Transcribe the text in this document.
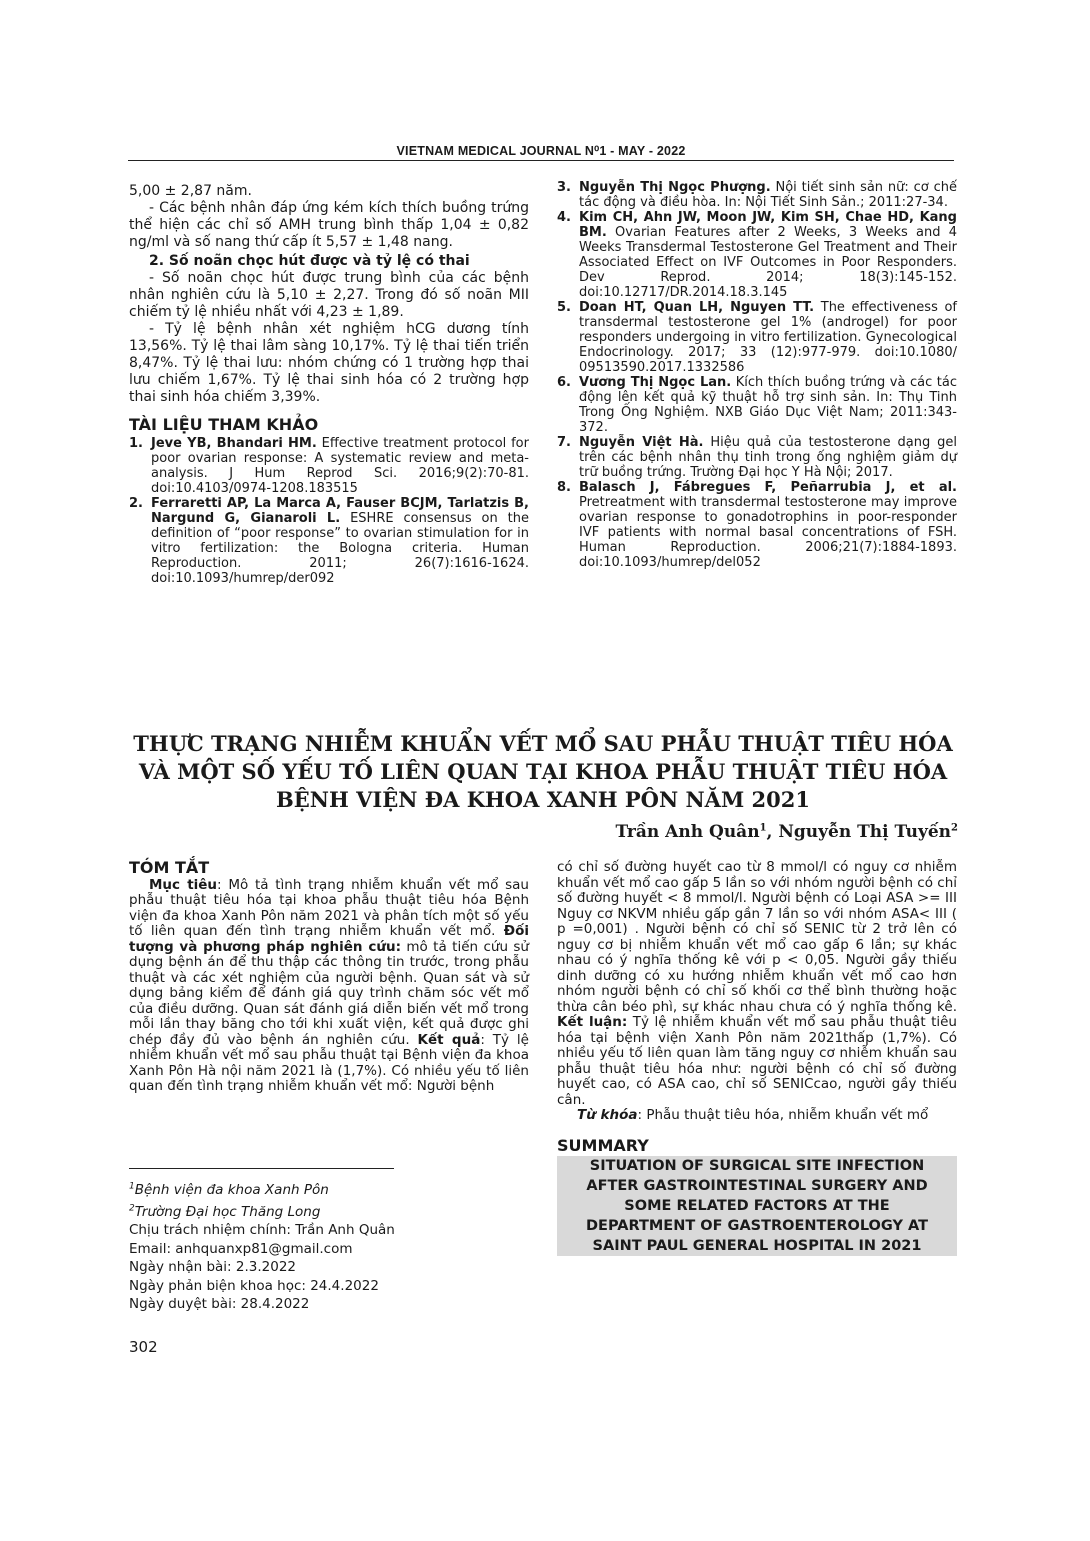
VIETNAM MEDICAL JOURNAL N⁰1 - MAY - 2022

5,00 ± 2,87 năm.

- Các bệnh nhân đáp ứng kém kích thích buồng trứng thể hiện các chỉ số AMH trung bình thấp 1,04 ± 0,82 ng/ml và số nang thứ cấp ít 5,57 ± 1,48 nang.

2. Số noãn chọc hút được và tỷ lệ có thai

- Số noãn chọc hút được trung bình của các bệnh nhân nghiên cứu là 5,10 ± 2,27. Trong đó số noãn MII chiếm tỷ lệ nhiều nhất với 4,23 ± 1,89.

- Tỷ lệ bệnh nhân xét nghiệm hCG dương tính 13,56%. Tỷ lệ thai lâm sàng 10,17%. Tỷ lệ thai tiến triển 8,47%. Tỷ lệ thai lưu: nhóm chứng có 1 trường hợp thai lưu chiếm 1,67%. Tỷ lệ thai sinh hóa có 2 trường hợp thai sinh hóa chiếm 3,39%.

TÀI LIỆU THAM KHẢO
1. Jeve YB, Bhandari HM. Effective treatment protocol for poor ovarian response: A systematic review and meta-analysis. J Hum Reprod Sci. 2016;9(2):70-81. doi:10.4103/0974-1208.183515
2. Ferraretti AP, La Marca A, Fauser BCJM, Tarlatzis B, Nargund G, Gianaroli L. ESHRE consensus on the definition of “poor response” to ovarian stimulation for in vitro fertilization: the Bologna criteria. Human Reproduction. 2011; 26(7):1616-1624. doi:10.1093/humrep/der092
3. Nguyễn Thị Ngọc Phượng. Nội tiết sinh sản nữ: cơ chế tác động và điều hòa. In: Nội Tiết Sinh Sản.; 2011:27-34.
4. Kim CH, Ahn JW, Moon JW, Kim SH, Chae HD, Kang BM. Ovarian Features after 2 Weeks, 3 Weeks and 4 Weeks Transdermal Testosterone Gel Treatment and Their Associated Effect on IVF Outcomes in Poor Responders. Dev Reprod. 2014; 18(3):145-152. doi:10.12717/DR.2014.18.3.145
5. Doan HT, Quan LH, Nguyen TT. The effectiveness of transdermal testosterone gel 1% (androgel) for poor responders undergoing in vitro fertilization. Gynecological Endocrinology. 2017; 33 (12):977-979. doi:10.1080/ 09513590.2017.1332586
6. Vương Thị Ngọc Lan. Kích thích buồng trứng và các tác động lên kết quả kỹ thuật hỗ trợ sinh sản. In: Thụ Tinh Trong Ống Nghiệm. NXB Giáo Dục Việt Nam; 2011:343-372.
7. Nguyễn Việt Hà. Hiệu quả của testosterone dạng gel trên các bệnh nhân thụ tinh trong ống nghiệm giảm dự trữ buồng trứng. Trường Đại học Y Hà Nội; 2017.
8. Balasch J, Fábregues F, Peñarrubia J, et al. Pretreatment with transdermal testosterone may improve ovarian response to gonadotrophins in poor-responder IVF patients with normal basal concentrations of FSH. Human Reproduction. 2006;21(7):1884-1893. doi:10.1093/humrep/del052
THỰC TRẠNG NHIỄM KHUẨN VẾT MỔ SAU PHẪU THUẬT TIÊU HÓA
VÀ MỘT SỐ YẾU TỐ LIÊN QUAN TẠI KHOA PHẪU THUẬT TIÊU HÓA
BỆNH VIỆN ĐA KHOA XANH PÔN NĂM 2021
Trần Anh Quân$^1$, Nguyễn Thị Tuyến$^2$
TÓM TẮT

Mục tiêu: Mô tả tình trạng nhiễm khuẩn vết mổ sau phẫu thuật tiêu hóa tại khoa phẫu thuật tiêu hóa Bệnh viện đa khoa Xanh Pôn năm 2021 và phân tích một số yếu tố liên quan đến tình trạng nhiễm khuẩn vết mổ. Đối tượng và phương pháp nghiên cứu: mô tả tiến cứu sử dụng bệnh án để thu thập các thông tin trước, trong phẫu thuật và các xét nghiệm của người bệnh. Quan sát và sử dụng bảng kiểm để đánh giá quy trình chăm sóc vết mổ của điều dưỡng. Quan sát đánh giá diễn biến vết mổ trong mỗi lần thay băng cho tới khi xuất viện, kết quả được ghi chép đầy đủ vào bệnh án nghiên cứu. Kết quả: Tỷ lệ nhiễm khuẩn vết mổ sau phẫu thuật tại Bệnh viện đa khoa Xanh Pôn Hà nội năm 2021 là (1,7%). Có nhiều yếu tố liên quan đến tình trạng nhiễm khuẩn vết mổ: Người bệnh

$^1$Bệnh viện đa khoa Xanh Pôn
$^2$Trường Đại học Thăng Long
Chịu trách nhiệm chính: Trần Anh Quân
Email: anhquanxp81@gmail.com
Ngày nhận bài: 2.3.2022
Ngày phản biện khoa học: 24.4.2022
Ngày duyệt bài: 28.4.2022

có chỉ số đường huyết cao từ 8 mmol/l có nguy cơ nhiễm khuẩn vết mổ cao gấp 5 lần so với nhóm người bệnh có chỉ số đường huyết < 8 mmol/l. Người bệnh có Loại ASA >= III Nguy cơ NKVM nhiều gấp gần 7 lần so với nhóm ASA< III ( p =0,001) . Người bệnh có chỉ số SENIC từ 2 trở lên có nguy cơ bị nhiễm khuẩn vết mổ cao gấp 6 lần; sự khác nhau có ý nghĩa thống kê với p < 0,05. Người gầy thiếu dinh dưỡng có xu hướng nhiễm khuẩn vết mổ cao hơn nhóm người bệnh có chỉ số khối cơ thể bình thường hoặc thừa cân béo phì, sự khác nhau chưa có ý nghĩa thống kê. Kết luận: Tỷ lệ nhiễm khuẩn vết mổ sau phẫu thuật tiêu hóa tại bệnh viện Xanh Pôn năm 2021thấp (1,7%). Có nhiều yếu tố liên quan làm tăng nguy cơ nhiễm khuẩn sau phẫu thuật tiêu hóa như: người bệnh có chỉ số đường huyết cao, có ASA cao, chỉ số SENICcao, người gầy thiếu cân.

Từ khóa: Phẫu thuật tiêu hóa, nhiễm khuẩn vết mổ

SUMMARY
SITUATION OF SURGICAL SITE INFECTION
AFTER GASTROINTESTINAL SURGERY AND
SOME RELATED FACTORS AT THE
DEPARTMENT OF GASTROENTEROLOGY AT
SAINT PAUL GENERAL HOSPITAL IN 2021
302
